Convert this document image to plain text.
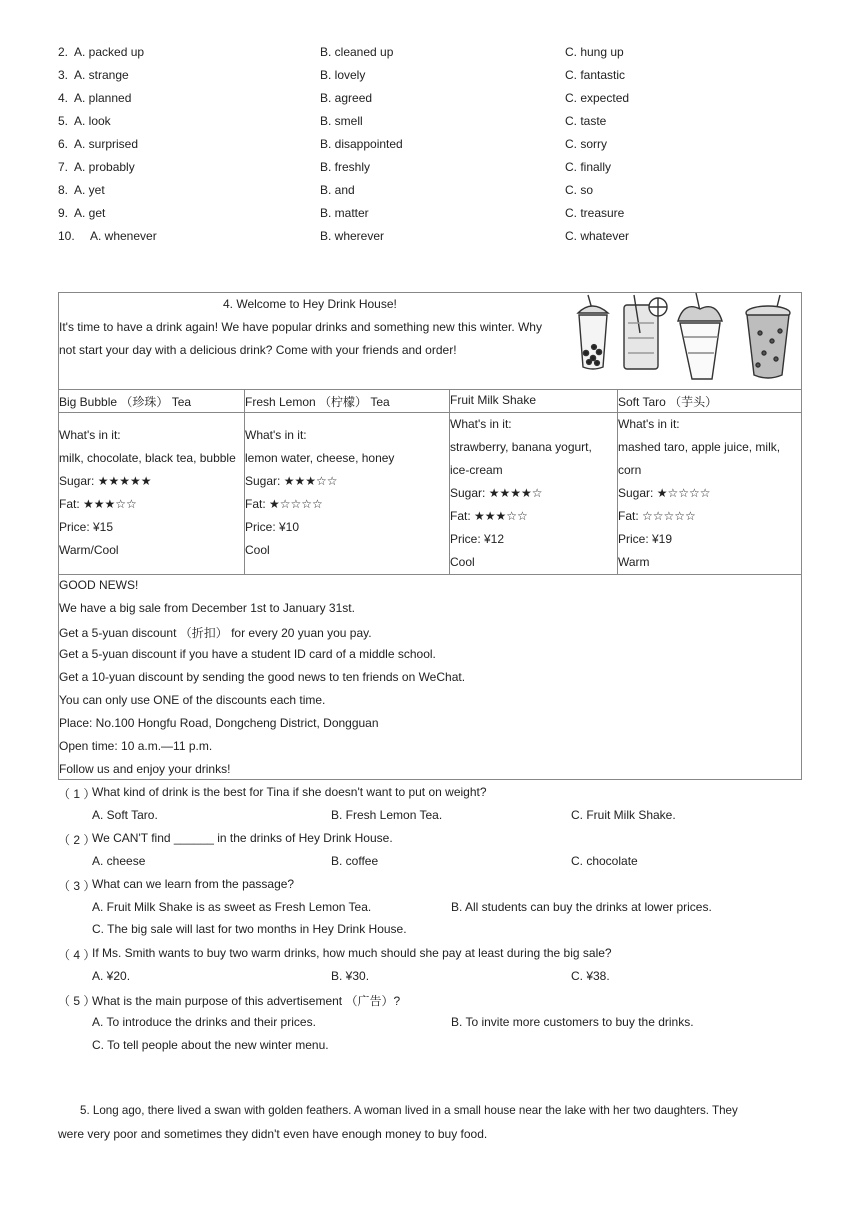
2. A. packed up	B. cleaned up	C. hung up
3. A. strange	B. lovely	C. fantastic
4. A. planned	B. agreed	C. expected
5. A. look	B. smell	C. taste
6. A. surprised	B. disappointed	C. sorry
7. A. probably	B. freshly	C. finally
8. A. yet	B. and	C. so
9. A. get	B. matter	C. treasure
10. A. whenever	B. wherever	C. whatever
4. Welcome to Hey Drink House!
It's time to have a drink again! We have popular drinks and something new this winter. Why
not start your day with a delicious drink? Come with your friends and order!
Big Bubble （珍珠） Tea	Fresh Lemon （柠檬） Tea	Fruit Milk Shake	Soft Taro （芋头）
What's in it:
milk, chocolate, black tea, bubble
Sugar: ★★★★★
Fat: ★★★☆☆
Price: ¥15
Warm/Cool
What's in it:
lemon water, cheese, honey
Sugar: ★★★☆☆
Fat: ★☆☆☆☆
Price: ¥10
Cool
What's in it:
strawberry, banana yogurt,
ice-cream
Sugar: ★★★★☆
Fat: ★★★☆☆
Price: ¥12
Cool
What's in it:
mashed taro, apple juice, milk,
corn
Sugar: ★☆☆☆☆
Fat: ☆☆☆☆☆
Price: ¥19
Warm
GOOD NEWS!
We have a big sale from December 1st to January 31st.
Get a 5-yuan discount （折扣） for every 20 yuan you pay.
Get a 5-yuan discount if you have a student ID card of a middle school.
Get a 10-yuan discount by sending the good news to ten friends on WeChat.
You can only use ONE of the discounts each time.
Place: No.100 Hongfu Road, Dongcheng District, Dongguan
Open time: 10 a.m.—11 p.m.
Follow us and enjoy your drinks!
（ 1 ）
What kind of drink is the best for Tina if she doesn't want to put on weight?
A. Soft Taro.	B. Fresh Lemon Tea.	C. Fruit Milk Shake.
（ 2 ）
We CAN'T find ______ in the drinks of Hey Drink House.
A. cheese	B. coffee	C. chocolate
（ 3 ）
What can we learn from the passage?
A. Fruit Milk Shake is as sweet as Fresh Lemon Tea.	B. All students can buy the drinks at lower prices.
C. The big sale will last for two months in Hey Drink House.
（ 4 ）
If Ms. Smith wants to buy two warm drinks, how much should she pay at least during the big sale?
A. ¥20.	B. ¥30.	C. ¥38.
（ 5 ）
What is the main purpose of this advertisement （广告）?
A. To introduce the drinks and their prices.	B. To invite more customers to buy the drinks.
C. To tell people about the new winter menu.
5. Long ago, there lived a swan with golden feathers. A woman lived in a small house near the lake with her two daughters. They
were very poor and sometimes they didn't even have enough money to buy food.
